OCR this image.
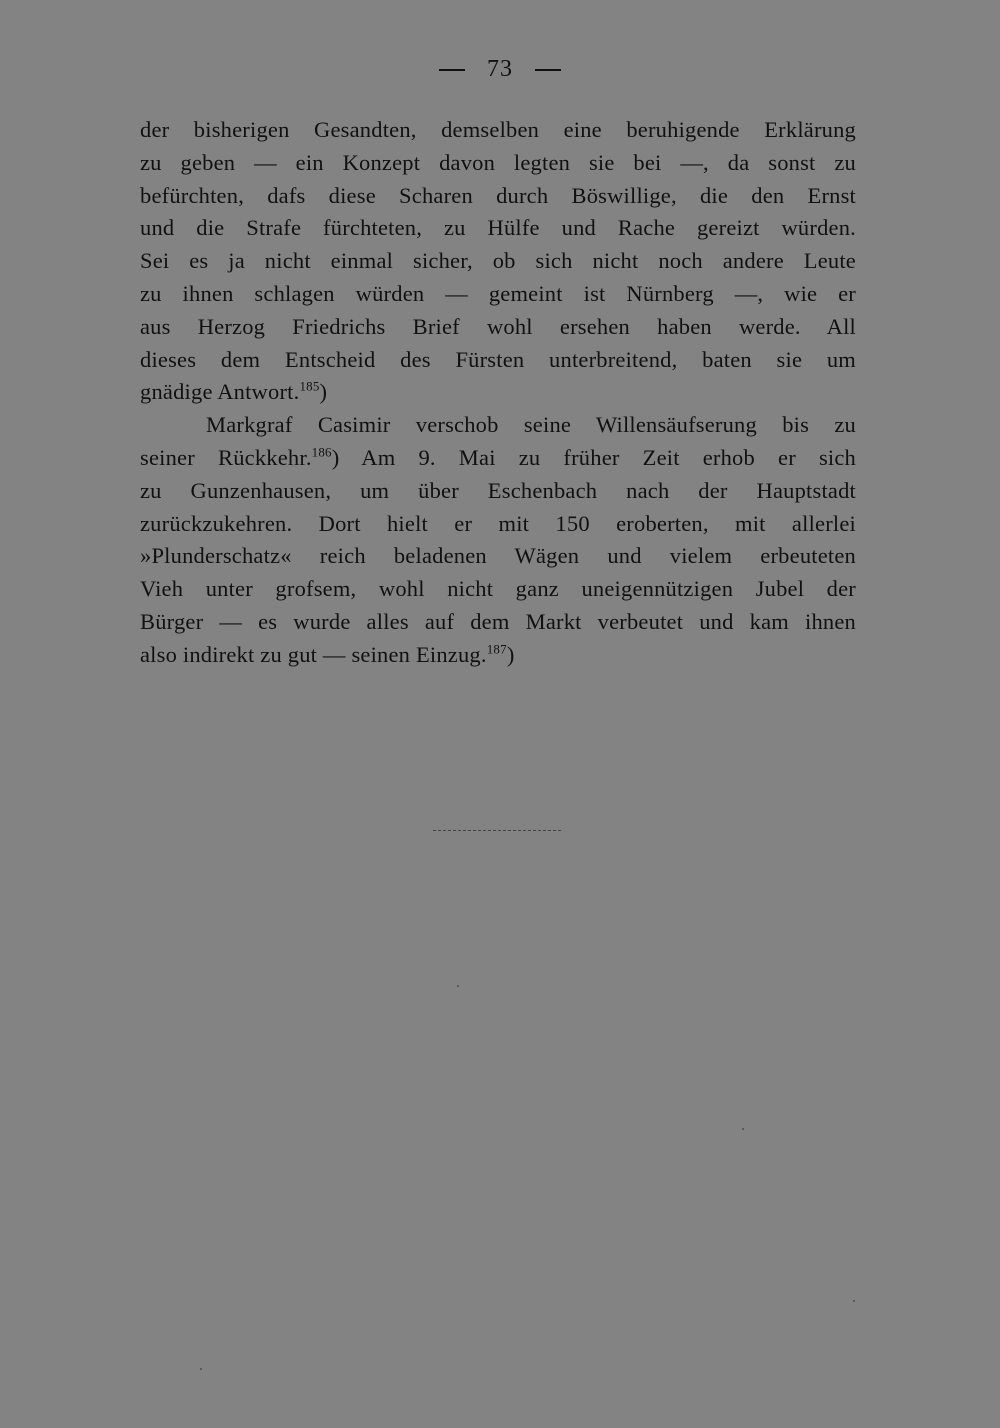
73
der bisherigen Gesandten, demselben eine beruhigende Erklärung
zu geben — ein Konzept davon legten sie bei —, da sonst zu
befürchten, dafs diese Scharen durch Böswillige, die den Ernst
und die Strafe fürchteten, zu Hülfe und Rache gereizt würden.
Sei es ja nicht einmal sicher, ob sich nicht noch andere Leute
zu ihnen schlagen würden — gemeint ist Nürnberg —, wie er
aus Herzog Friedrichs Brief wohl ersehen haben werde. All
dieses dem Entscheid des Fürsten unterbreitend, baten sie um
gnädige Antwort.$^{185}$)
Markgraf Casimir verschob seine Willensäufserung bis zu
seiner Rückkehr.$^{186}$) Am 9. Mai zu früher Zeit erhob er sich
zu Gunzenhausen, um über Eschenbach nach der Hauptstadt
zurückzukehren. Dort hielt er mit 150 eroberten, mit allerlei
»Plunderschatz« reich beladenen Wägen und vielem erbeuteten
Vieh unter grofsem, wohl nicht ganz uneigennützigen Jubel der
Bürger — es wurde alles auf dem Markt verbeutet und kam ihnen
also indirekt zu gut — seinen Einzug.$^{187}$)
